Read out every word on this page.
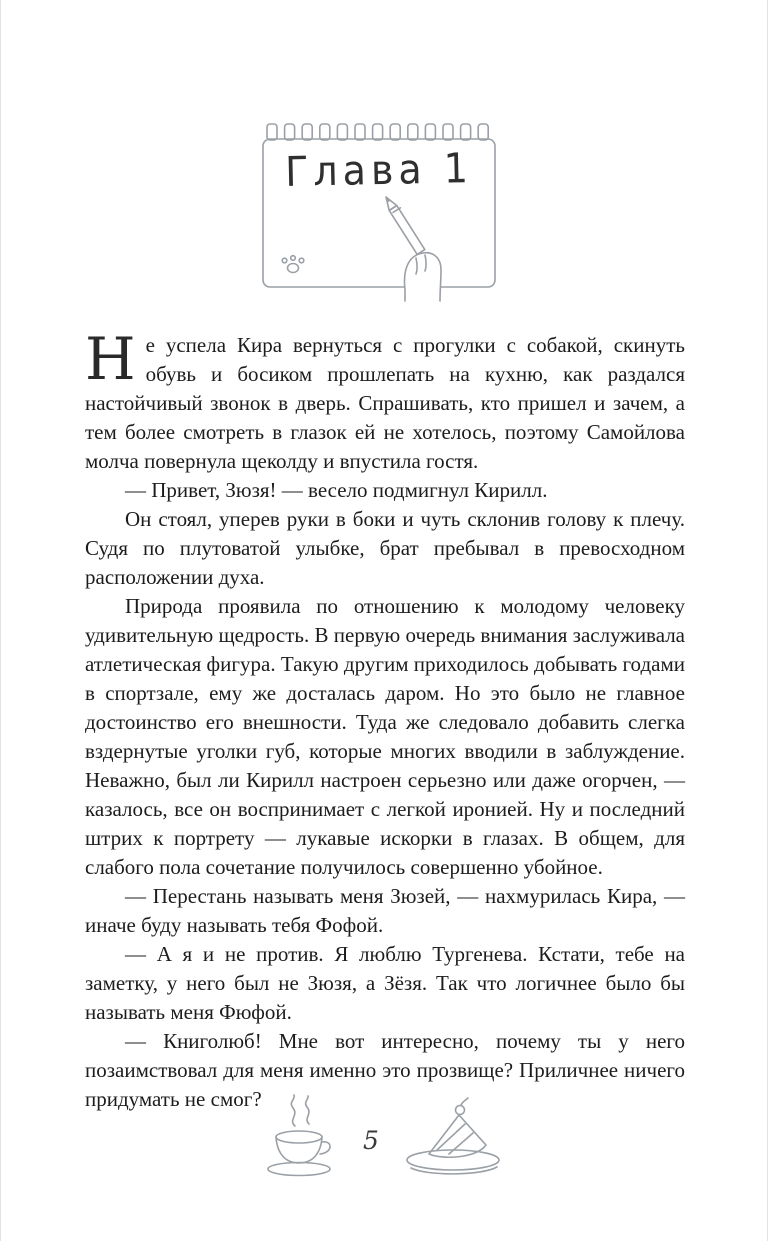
Глава 1

Не успела Кира вернуться с прогулки с собакой, скинуть обувь и босиком прошлепать на кухню, как раздался настойчивый звонок в дверь. Спрашивать, кто пришел и зачем, а тем более смотреть в глазок ей не хотелось, поэтому Самойлова молча повернула щеколду и впустила гостя.

— Привет, Зюзя! — весело подмигнул Кирилл.

Он стоял, уперев руки в боки и чуть склонив голову к плечу. Судя по плутоватой улыбке, брат пребывал в превосходном расположении духа.

Природа проявила по отношению к молодому человеку удивительную щедрость. В первую очередь внимания заслуживала атлетическая фигура. Такую другим приходилось добывать годами в спортзале, ему же досталась даром. Но это было не главное достоинство его внешности. Туда же следовало добавить слегка вздернутые уголки губ, которые многих вводили в заблуждение. Неважно, был ли Кирилл настроен серьезно или даже огорчен, — казалось, все он воспринимает с легкой иронией. Ну и последний штрих к портрету — лукавые искорки в глазах. В общем, для слабого пола сочетание получилось совершенно убойное.

— Перестань называть меня Зюзей, — нахмурилась Кира, — иначе буду называть тебя Фофой.

— А я и не против. Я люблю Тургенева. Кстати, тебе на заметку, у него был не Зюзя, а Зёзя. Так что логичнее было бы называть меня Фюфой.

— Книголюб! Мне вот интересно, почему ты у него позаимствовал для меня именно это прозвище? Приличнее ничего придумать не смог?

5
